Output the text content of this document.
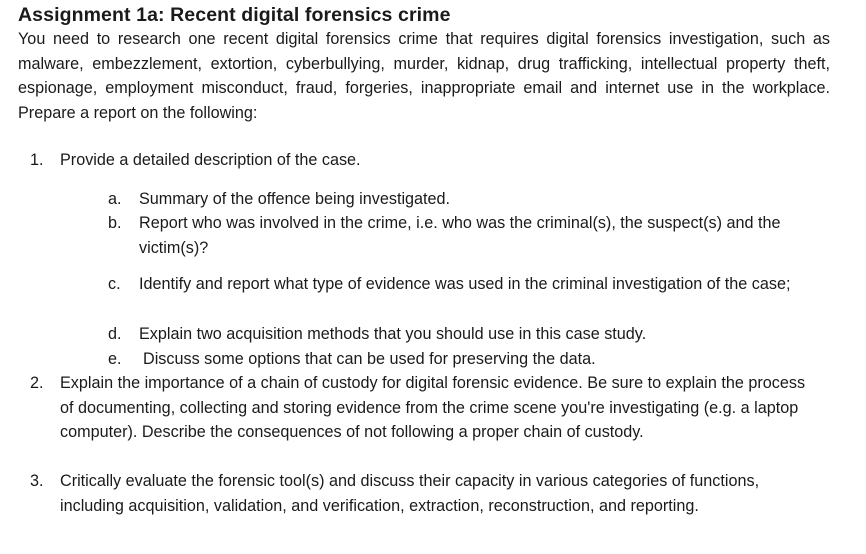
Assignment 1a: Recent digital forensics crime

You need to research one recent digital forensics crime that requires digital forensics investigation, such as malware, embezzlement, extortion, cyberbullying, murder, kidnap, drug trafficking, intellectual property theft, espionage, employment misconduct, fraud, forgeries, inappropriate email and internet use in the workplace. Prepare a report on the following:

1.	Provide a detailed description of the case.
a.	Summary of the offence being investigated.
b.	Report who was involved in the crime, i.e. who was the criminal(s), the suspect(s) and the victim(s)?
c.	Identify and report what type of evidence was used in the criminal investigation of the case;
d.	Explain two acquisition methods that you should use in this case study.
e.	Discuss some options that can be used for preserving the data.
2.	Explain the importance of a chain of custody for digital forensic evidence. Be sure to explain the process of documenting, collecting and storing evidence from the crime scene you're investigating (e.g. a laptop computer). Describe the consequences of not following a proper chain of custody.
3.	Critically evaluate the forensic tool(s) and discuss their capacity in various categories of functions, including acquisition, validation, and verification, extraction, reconstruction, and reporting.
